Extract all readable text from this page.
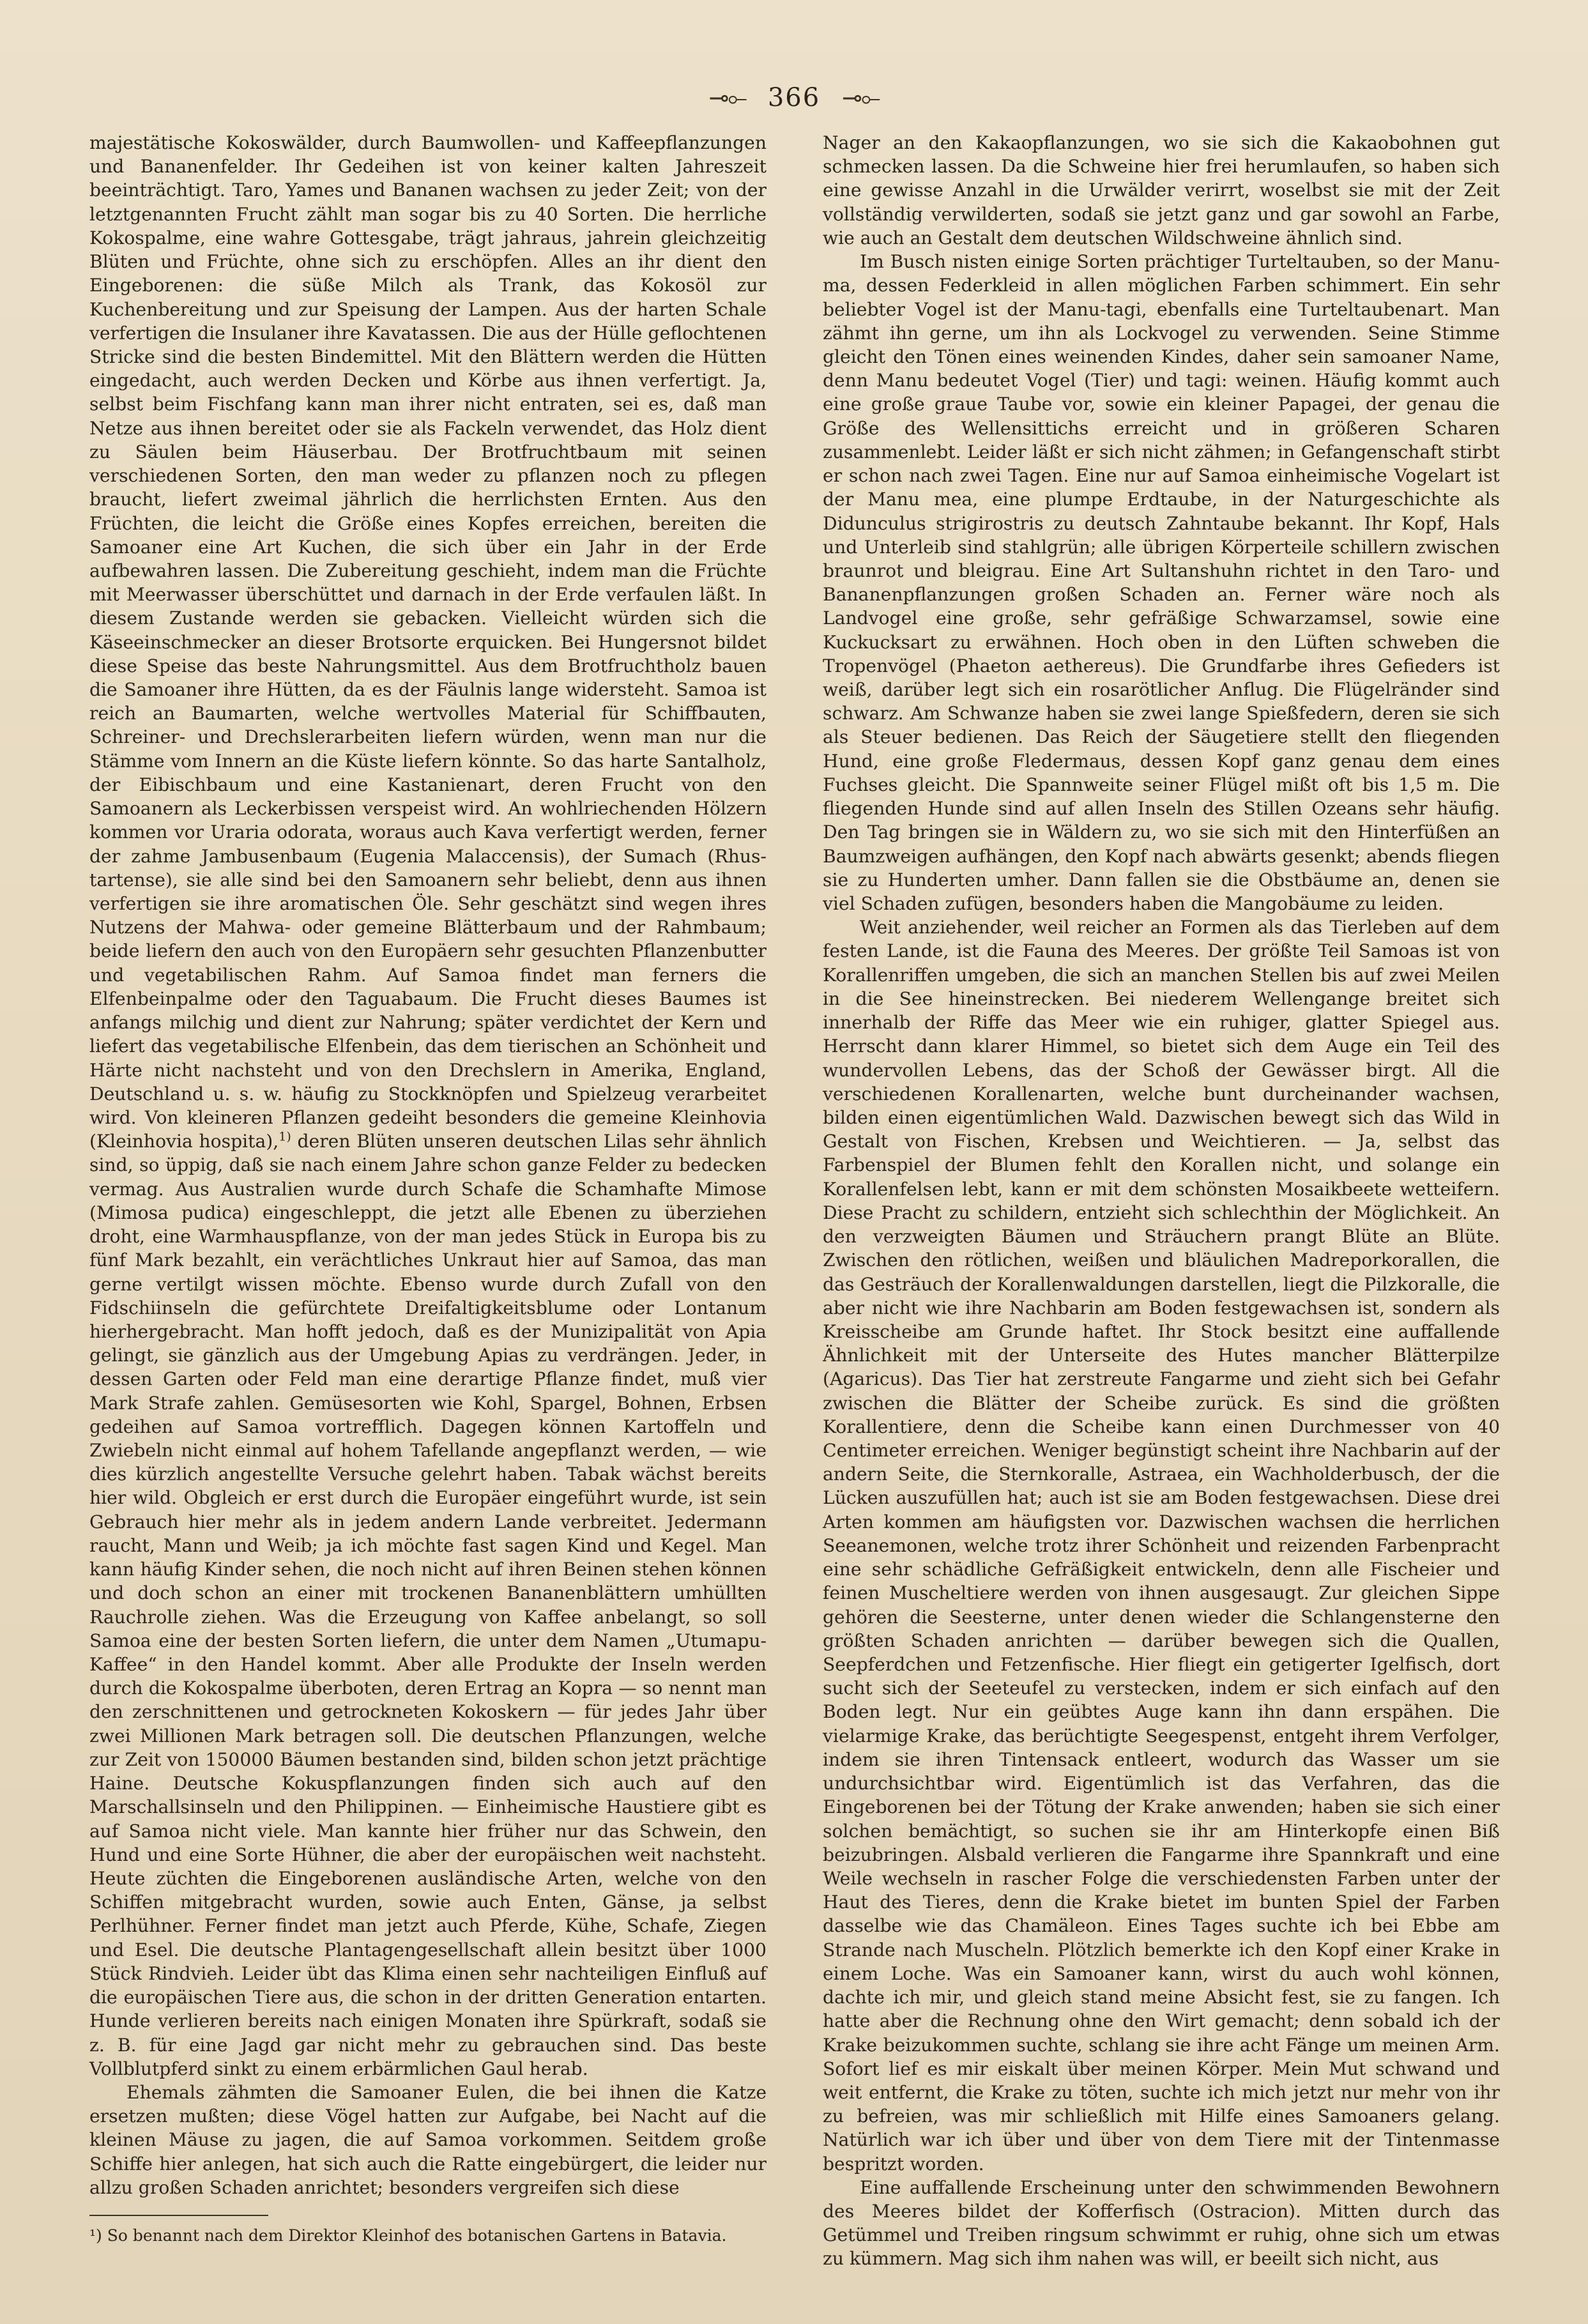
⊸⟜ 366 ⊸⟜

majestätische Kokoswälder, durch Baumwollen- und Kaffeepflanzungen und Bananenfelder. Ihr Gedeihen ist von keiner kalten Jahreszeit beeinträchtigt. Taro, Yames und Bananen wachsen zu jeder Zeit; von der letztgenannten Frucht zählt man sogar bis zu 40 Sorten. Die herrliche Kokospalme, eine wahre Gottesgabe, trägt jahraus, jahrein gleichzeitig Blüten und Früchte, ohne sich zu erschöpfen. Alles an ihr dient den Eingeborenen: die süße Milch als Trank, das Kokosöl zur Kuchenbereitung und zur Speisung der Lampen. Aus der harten Schale verfertigen die Insulaner ihre Kavatassen. Die aus der Hülle geflochtenen Stricke sind die besten Bindemittel. Mit den Blättern werden die Hütten eingedacht, auch werden Decken und Körbe aus ihnen verfertigt. Ja, selbst beim Fischfang kann man ihrer nicht entraten, sei es, daß man Netze aus ihnen bereitet oder sie als Fackeln verwendet, das Holz dient zu Säulen beim Häuserbau. Der Brotfruchtbaum mit seinen verschiedenen Sorten, den man weder zu pflanzen noch zu pflegen braucht, liefert zweimal jährlich die herrlichsten Ernten. Aus den Früchten, die leicht die Größe eines Kopfes erreichen, bereiten die Samoaner eine Art Kuchen, die sich über ein Jahr in der Erde aufbewahren lassen. Die Zubereitung geschieht, indem man die Früchte mit Meerwasser überschüttet und darnach in der Erde verfaulen läßt. In diesem Zustande werden sie gebacken. Vielleicht würden sich die Käseeinschmecker an dieser Brotsorte erquicken. Bei Hungersnot bildet diese Speise das beste Nahrungsmittel. Aus dem Brotfruchtholz bauen die Samoaner ihre Hütten, da es der Fäulnis lange widersteht. Samoa ist reich an Baumarten, welche wertvolles Material für Schiffbauten, Schreiner- und Drechslerarbeiten liefern würden, wenn man nur die Stämme vom Innern an die Küste liefern könnte. So das harte Santalholz, der Eibischbaum und eine Kastanienart, deren Frucht von den Samoanern als Leckerbissen verspeist wird. An wohlriechenden Hölzern kommen vor Uraria odorata, woraus auch Kava verfertigt werden, ferner der zahme Jambusenbaum (Eugenia Malaccensis), der Sumach (Rhus-tartense), sie alle sind bei den Samoanern sehr beliebt, denn aus ihnen verfertigen sie ihre aromatischen Öle. Sehr geschätzt sind wegen ihres Nutzens der Mahwa- oder gemeine Blätterbaum und der Rahmbaum; beide liefern den auch von den Europäern sehr gesuchten Pflanzenbutter und vegetabilischen Rahm. Auf Samoa findet man ferners die Elfenbeinpalme oder den Taguabaum. Die Frucht dieses Baumes ist anfangs milchig und dient zur Nahrung; später verdichtet der Kern und liefert das vegetabilische Elfenbein, das dem tierischen an Schönheit und Härte nicht nachsteht und von den Drechslern in Amerika, England, Deutschland u. s. w. häufig zu Stockknöpfen und Spielzeug verarbeitet wird. Von kleineren Pflanzen gedeiht besonders die gemeine Kleinhovia (Kleinhovia hospita),$^{1)}$ deren Blüten unseren deutschen Lilas sehr ähnlich sind, so üppig, daß sie nach einem Jahre schon ganze Felder zu bedecken vermag. Aus Australien wurde durch Schafe die Schamhafte Mimose (Mimosa pudica) eingeschleppt, die jetzt alle Ebenen zu überziehen droht, eine Warmhauspflanze, von der man jedes Stück in Europa bis zu fünf Mark bezahlt, ein verächtliches Unkraut hier auf Samoa, das man gerne vertilgt wissen möchte. Ebenso wurde durch Zufall von den Fidschiinseln die gefürchtete Dreifaltigkeitsblume oder Lontanum hierhergebracht. Man hofft jedoch, daß es der Munizipalität von Apia gelingt, sie gänzlich aus der Umgebung Apias zu verdrängen. Jeder, in dessen Garten oder Feld man eine derartige Pflanze findet, muß vier Mark Strafe zahlen. Gemüsesorten wie Kohl, Spargel, Bohnen, Erbsen gedeihen auf Samoa vortrefflich. Dagegen können Kartoffeln und Zwiebeln nicht einmal auf hohem Tafellande angepflanzt werden, — wie dies kürzlich angestellte Versuche gelehrt haben. Tabak wächst bereits hier wild. Obgleich er erst durch die Europäer eingeführt wurde, ist sein Gebrauch hier mehr als in jedem andern Lande verbreitet. Jedermann raucht, Mann und Weib; ja ich möchte fast sagen Kind und Kegel. Man kann häufig Kinder sehen, die noch nicht auf ihren Beinen stehen können und doch schon an einer mit trockenen Bananenblättern umhüllten Rauchrolle ziehen. Was die Erzeugung von Kaffee anbelangt, so soll Samoa eine der besten Sorten liefern, die unter dem Namen „Utumapu-Kaffee“ in den Handel kommt. Aber alle Produkte der Inseln werden durch die Kokospalme überboten, deren Ertrag an Kopra — so nennt man den zerschnittenen und getrockneten Kokoskern — für jedes Jahr über zwei Millionen Mark betragen soll. Die deutschen Pflanzungen, welche zur Zeit von 150000 Bäumen bestanden sind, bilden schon jetzt prächtige Haine. Deutsche Kokuspflanzungen finden sich auch auf den Marschallsinseln und den Philippinen. — Einheimische Haustiere gibt es auf Samoa nicht viele. Man kannte hier früher nur das Schwein, den Hund und eine Sorte Hühner, die aber der europäischen weit nachsteht. Heute züchten die Eingeborenen ausländische Arten, welche von den Schiffen mitgebracht wurden, sowie auch Enten, Gänse, ja selbst Perlhühner. Ferner findet man jetzt auch Pferde, Kühe, Schafe, Ziegen und Esel. Die deutsche Plantagengesellschaft allein besitzt über 1000 Stück Rindvieh. Leider übt das Klima einen sehr nachteiligen Einfluß auf die europäischen Tiere aus, die schon in der dritten Generation entarten. Hunde verlieren bereits nach einigen Monaten ihre Spürkraft, sodaß sie z. B. für eine Jagd gar nicht mehr zu gebrauchen sind. Das beste Vollblutpferd sinkt zu einem erbärmlichen Gaul herab.

Ehemals zähmten die Samoaner Eulen, die bei ihnen die Katze ersetzen mußten; diese Vögel hatten zur Aufgabe, bei Nacht auf die kleinen Mäuse zu jagen, die auf Samoa vorkommen. Seitdem große Schiffe hier anlegen, hat sich auch die Ratte eingebürgert, die leider nur allzu großen Schaden anrichtet; besonders vergreifen sich diese

¹) So benannt nach dem Direktor Kleinhof des botanischen Gartens in Batavia.

Nager an den Kakaopflanzungen, wo sie sich die Kakaobohnen gut schmecken lassen. Da die Schweine hier frei herumlaufen, so haben sich eine gewisse Anzahl in die Urwälder verirrt, woselbst sie mit der Zeit vollständig verwilderten, sodaß sie jetzt ganz und gar sowohl an Farbe, wie auch an Gestalt dem deutschen Wildschweine ähnlich sind.

Im Busch nisten einige Sorten prächtiger Turteltauben, so der Manu-ma, dessen Federkleid in allen möglichen Farben schimmert. Ein sehr beliebter Vogel ist der Manu-tagi, ebenfalls eine Turteltaubenart. Man zähmt ihn gerne, um ihn als Lockvogel zu verwenden. Seine Stimme gleicht den Tönen eines weinenden Kindes, daher sein samoaner Name, denn Manu bedeutet Vogel (Tier) und tagi: weinen. Häufig kommt auch eine große graue Taube vor, sowie ein kleiner Papagei, der genau die Größe des Wellensittichs erreicht und in größeren Scharen zusammenlebt. Leider läßt er sich nicht zähmen; in Gefangenschaft stirbt er schon nach zwei Tagen. Eine nur auf Samoa einheimische Vogelart ist der Manu mea, eine plumpe Erdtaube, in der Naturgeschichte als Didunculus strigirostris zu deutsch Zahntaube bekannt. Ihr Kopf, Hals und Unterleib sind stahlgrün; alle übrigen Körperteile schillern zwischen braunrot und bleigrau. Eine Art Sultanshuhn richtet in den Taro- und Bananenpflanzungen großen Schaden an. Ferner wäre noch als Landvogel eine große, sehr gefräßige Schwarzamsel, sowie eine Kuckucksart zu erwähnen. Hoch oben in den Lüften schweben die Tropenvögel (Phaeton aethereus). Die Grundfarbe ihres Gefieders ist weiß, darüber legt sich ein rosarötlicher Anflug. Die Flügelränder sind schwarz. Am Schwanze haben sie zwei lange Spießfedern, deren sie sich als Steuer bedienen. Das Reich der Säugetiere stellt den fliegenden Hund, eine große Fledermaus, dessen Kopf ganz genau dem eines Fuchses gleicht. Die Spannweite seiner Flügel mißt oft bis 1,5 m. Die fliegenden Hunde sind auf allen Inseln des Stillen Ozeans sehr häufig. Den Tag bringen sie in Wäldern zu, wo sie sich mit den Hinterfüßen an Baumzweigen aufhängen, den Kopf nach abwärts gesenkt; abends fliegen sie zu Hunderten umher. Dann fallen sie die Obstbäume an, denen sie viel Schaden zufügen, besonders haben die Mangobäume zu leiden.

Weit anziehender, weil reicher an Formen als das Tierleben auf dem festen Lande, ist die Fauna des Meeres. Der größte Teil Samoas ist von Korallenriffen umgeben, die sich an manchen Stellen bis auf zwei Meilen in die See hineinstrecken. Bei niederem Wellengange breitet sich innerhalb der Riffe das Meer wie ein ruhiger, glatter Spiegel aus. Herrscht dann klarer Himmel, so bietet sich dem Auge ein Teil des wundervollen Lebens, das der Schoß der Gewässer birgt. All die verschiedenen Korallenarten, welche bunt durcheinander wachsen, bilden einen eigentümlichen Wald. Dazwischen bewegt sich das Wild in Gestalt von Fischen, Krebsen und Weichtieren. — Ja, selbst das Farbenspiel der Blumen fehlt den Korallen nicht, und solange ein Korallenfelsen lebt, kann er mit dem schönsten Mosaikbeete wetteifern. Diese Pracht zu schildern, entzieht sich schlechthin der Möglichkeit. An den verzweigten Bäumen und Sträuchern prangt Blüte an Blüte. Zwischen den rötlichen, weißen und bläulichen Madreporkorallen, die das Gesträuch der Korallenwaldungen darstellen, liegt die Pilzkoralle, die aber nicht wie ihre Nachbarin am Boden festgewachsen ist, sondern als Kreisscheibe am Grunde haftet. Ihr Stock besitzt eine auffallende Ähnlichkeit mit der Unterseite des Hutes mancher Blätterpilze (Agaricus). Das Tier hat zerstreute Fangarme und zieht sich bei Gefahr zwischen die Blätter der Scheibe zurück. Es sind die größten Korallentiere, denn die Scheibe kann einen Durchmesser von 40 Centimeter erreichen. Weniger begünstigt scheint ihre Nachbarin auf der andern Seite, die Sternkoralle, Astraea, ein Wachholderbusch, der die Lücken auszufüllen hat; auch ist sie am Boden festgewachsen. Diese drei Arten kommen am häufigsten vor. Dazwischen wachsen die herrlichen Seeanemonen, welche trotz ihrer Schönheit und reizenden Farbenpracht eine sehr schädliche Gefräßigkeit entwickeln, denn alle Fischeier und feinen Muscheltiere werden von ihnen ausgesaugt. Zur gleichen Sippe gehören die Seesterne, unter denen wieder die Schlangensterne den größten Schaden anrichten — darüber bewegen sich die Quallen, Seepferdchen und Fetzenfische. Hier fliegt ein getigerter Igelfisch, dort sucht sich der Seeteufel zu verstecken, indem er sich einfach auf den Boden legt. Nur ein geübtes Auge kann ihn dann erspähen. Die vielarmige Krake, das berüchtigte Seegespenst, entgeht ihrem Verfolger, indem sie ihren Tintensack entleert, wodurch das Wasser um sie undurchsichtbar wird. Eigentümlich ist das Verfahren, das die Eingeborenen bei der Tötung der Krake anwenden; haben sie sich einer solchen bemächtigt, so suchen sie ihr am Hinterkopfe einen Biß beizubringen. Alsbald verlieren die Fangarme ihre Spannkraft und eine Weile wechseln in rascher Folge die verschiedensten Farben unter der Haut des Tieres, denn die Krake bietet im bunten Spiel der Farben dasselbe wie das Chamäleon. Eines Tages suchte ich bei Ebbe am Strande nach Muscheln. Plötzlich bemerkte ich den Kopf einer Krake in einem Loche. Was ein Samoaner kann, wirst du auch wohl können, dachte ich mir, und gleich stand meine Absicht fest, sie zu fangen. Ich hatte aber die Rechnung ohne den Wirt gemacht; denn sobald ich der Krake beizukommen suchte, schlang sie ihre acht Fänge um meinen Arm. Sofort lief es mir eiskalt über meinen Körper. Mein Mut schwand und weit entfernt, die Krake zu töten, suchte ich mich jetzt nur mehr von ihr zu befreien, was mir schließlich mit Hilfe eines Samoaners gelang. Natürlich war ich über und über von dem Tiere mit der Tintenmasse bespritzt worden.

Eine auffallende Erscheinung unter den schwimmenden Bewohnern des Meeres bildet der Kofferfisch (Ostracion). Mitten durch das Getümmel und Treiben ringsum schwimmt er ruhig, ohne sich um etwas zu kümmern. Mag sich ihm nahen was will, er beeilt sich nicht, aus
